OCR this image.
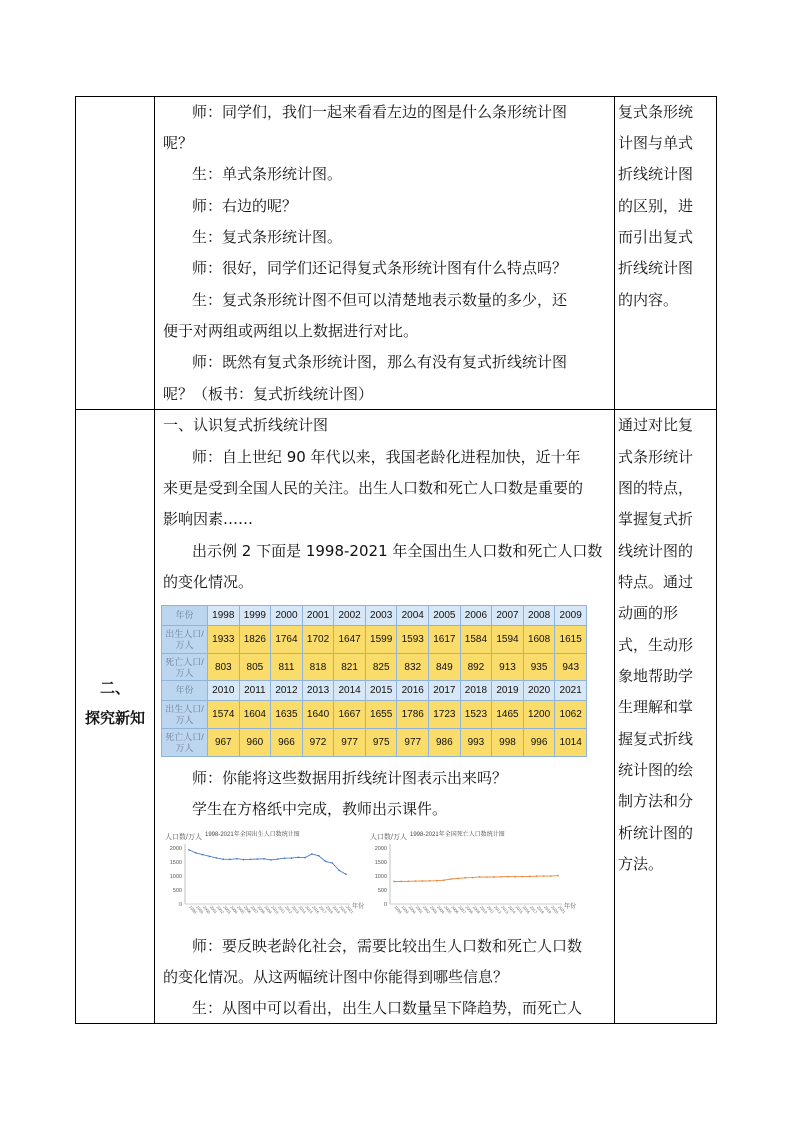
二、
探究新知
师：同学们，我们一起来看看左边的图是什么条形统计图
呢？
生：单式条形统计图。
师：右边的呢？
生：复式条形统计图。
师：很好，同学们还记得复式条形统计图有什么特点吗？
生：复式条形统计图不但可以清楚地表示数量的多少，还
便于对两组或两组以上数据进行对比。
师：既然有复式条形统计图，那么有没有复式折线统计图
呢？（板书：复式折线统计图）
复式条形统
计图与单式
折线统计图
的区别，进
而引出复式
折线统计图
的内容。
一、认识复式折线统计图
师：自上世纪 90 年代以来，我国老龄化进程加快，近十年
来更是受到全国人民的关注。出生人口数和死亡人口数是重要的
影响因素……
出示例 2 下面是 1998-2021 年全国出生人口数和死亡人口数
的变化情况。
年份	1998	1999	2000	2001	2002	2003	2004	2005	2006	2007	2008	2009
出生人口/万人	1933	1826	1764	1702	1647	1599	1593	1617	1584	1594	1608	1615
死亡人口/万人	803	805	811	818	821	825	832	849	892	913	935	943
年份	2010	2011	2012	2013	2014	2015	2016	2017	2018	2019	2020	2021
出生人口/万人	1574	1604	1635	1640	1667	1655	1786	1723	1523	1465	1200	1062
死亡人口/万人	967	960	966	972	977	975	977	986	993	998	996	1014
师：你能将这些数据用折线统计图表示出来吗？
学生在方格纸中完成，教师出示课件。
人口数/万人 1998-2021年全国出生人口数统计图
0
500
1000
1500
2000
1998
1999
2000
2001
2002
2003
2004
2005
2006
2007
2008
2009
2010
2011
2012
2013
2014
2015
2016
2017
2018
2019
2020
2021
年份
人口数/万人 1998-2021年全国死亡人口数统计图
0
500
1000
1500
2000
1998
1999
2000
2001
2002
2003
2004
2005
2006
2007
2008
2009
2010
2011
2012
2013
2014
2015
2016
2017
2018
2019
2020
2021
年份
师：要反映老龄化社会，需要比较出生人口数和死亡人口数
的变化情况。从这两幅统计图中你能得到哪些信息？
生：从图中可以看出，出生人口数量呈下降趋势，而死亡人
通过对比复
式条形统计
图的特点，
掌握复式折
线统计图的
特点。通过
动画的形
式，生动形
象地帮助学
生理解和掌
握复式折线
统计图的绘
制方法和分
析统计图的
方法。
